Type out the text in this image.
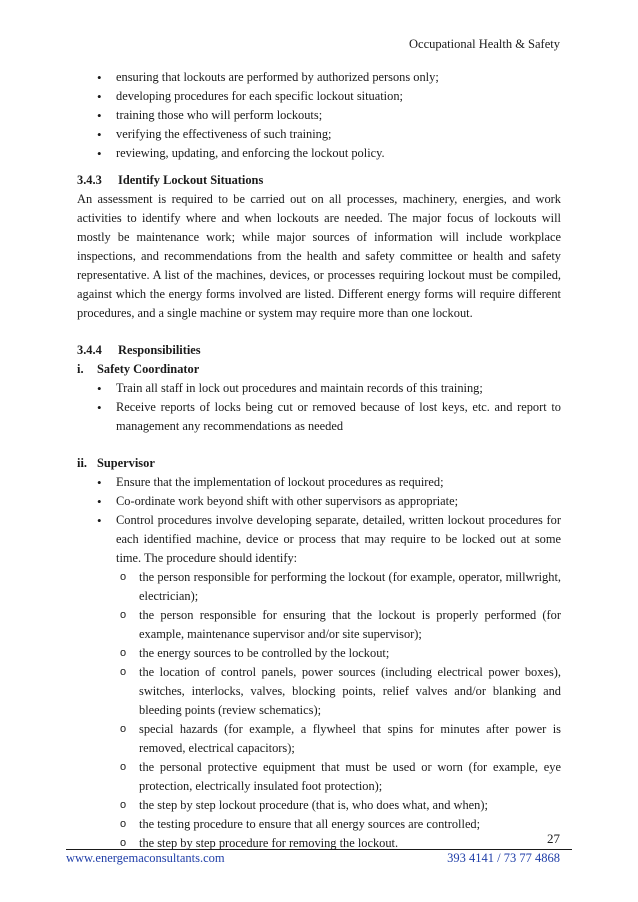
Occupational Health & Safety
• ensuring that lockouts are performed by authorized persons only;
• developing procedures for each specific lockout situation;
• training those who will perform lockouts;
• verifying the effectiveness of such training;
• reviewing, updating, and enforcing the lockout policy.

3.4.3 Identify Lockout Situations

An assessment is required to be carried out on all processes, machinery, energies, and work activities to identify where and when lockouts are needed. The major focus of lockouts will mostly be maintenance work; while major sources of information will include workplace inspections, and recommendations from the health and safety committee or health and safety representative. A list of the machines, devices, or processes requiring lockout must be compiled, against which the energy forms involved are listed. Different energy forms will require different procedures, and a single machine or system may require more than one lockout.

3.4.4 Responsibilities

i. Safety Coordinator

• Train all staff in lock out procedures and maintain records of this training;
• Receive reports of locks being cut or removed because of lost keys, etc. and report to management any recommendations as needed

ii. Supervisor

• Ensure that the implementation of lockout procedures as required;
• Co-ordinate work beyond shift with other supervisors as appropriate;
• Control procedures involve developing separate, detailed, written lockout procedures for each identified machine, device or process that may require to be locked out at some time. The procedure should identify:
o the person responsible for performing the lockout (for example, operator, millwright, electrician);
o the person responsible for ensuring that the lockout is properly performed (for example, maintenance supervisor and/or site supervisor);
o the energy sources to be controlled by the lockout;
o the location of control panels, power sources (including electrical power boxes), switches, interlocks, valves, blocking points, relief valves and/or blanking and bleeding points (review schematics);
o special hazards (for example, a flywheel that spins for minutes after power is removed, electrical capacitors);
o the personal protective equipment that must be used or worn (for example, eye protection, electrically insulated foot protection);
o the step by step lockout procedure (that is, who does what, and when);
o the testing procedure to ensure that all energy sources are controlled;
o the step by step procedure for removing the lockout.	27
www.energemaconsultants.com	393 4141 / 73 77 4868
